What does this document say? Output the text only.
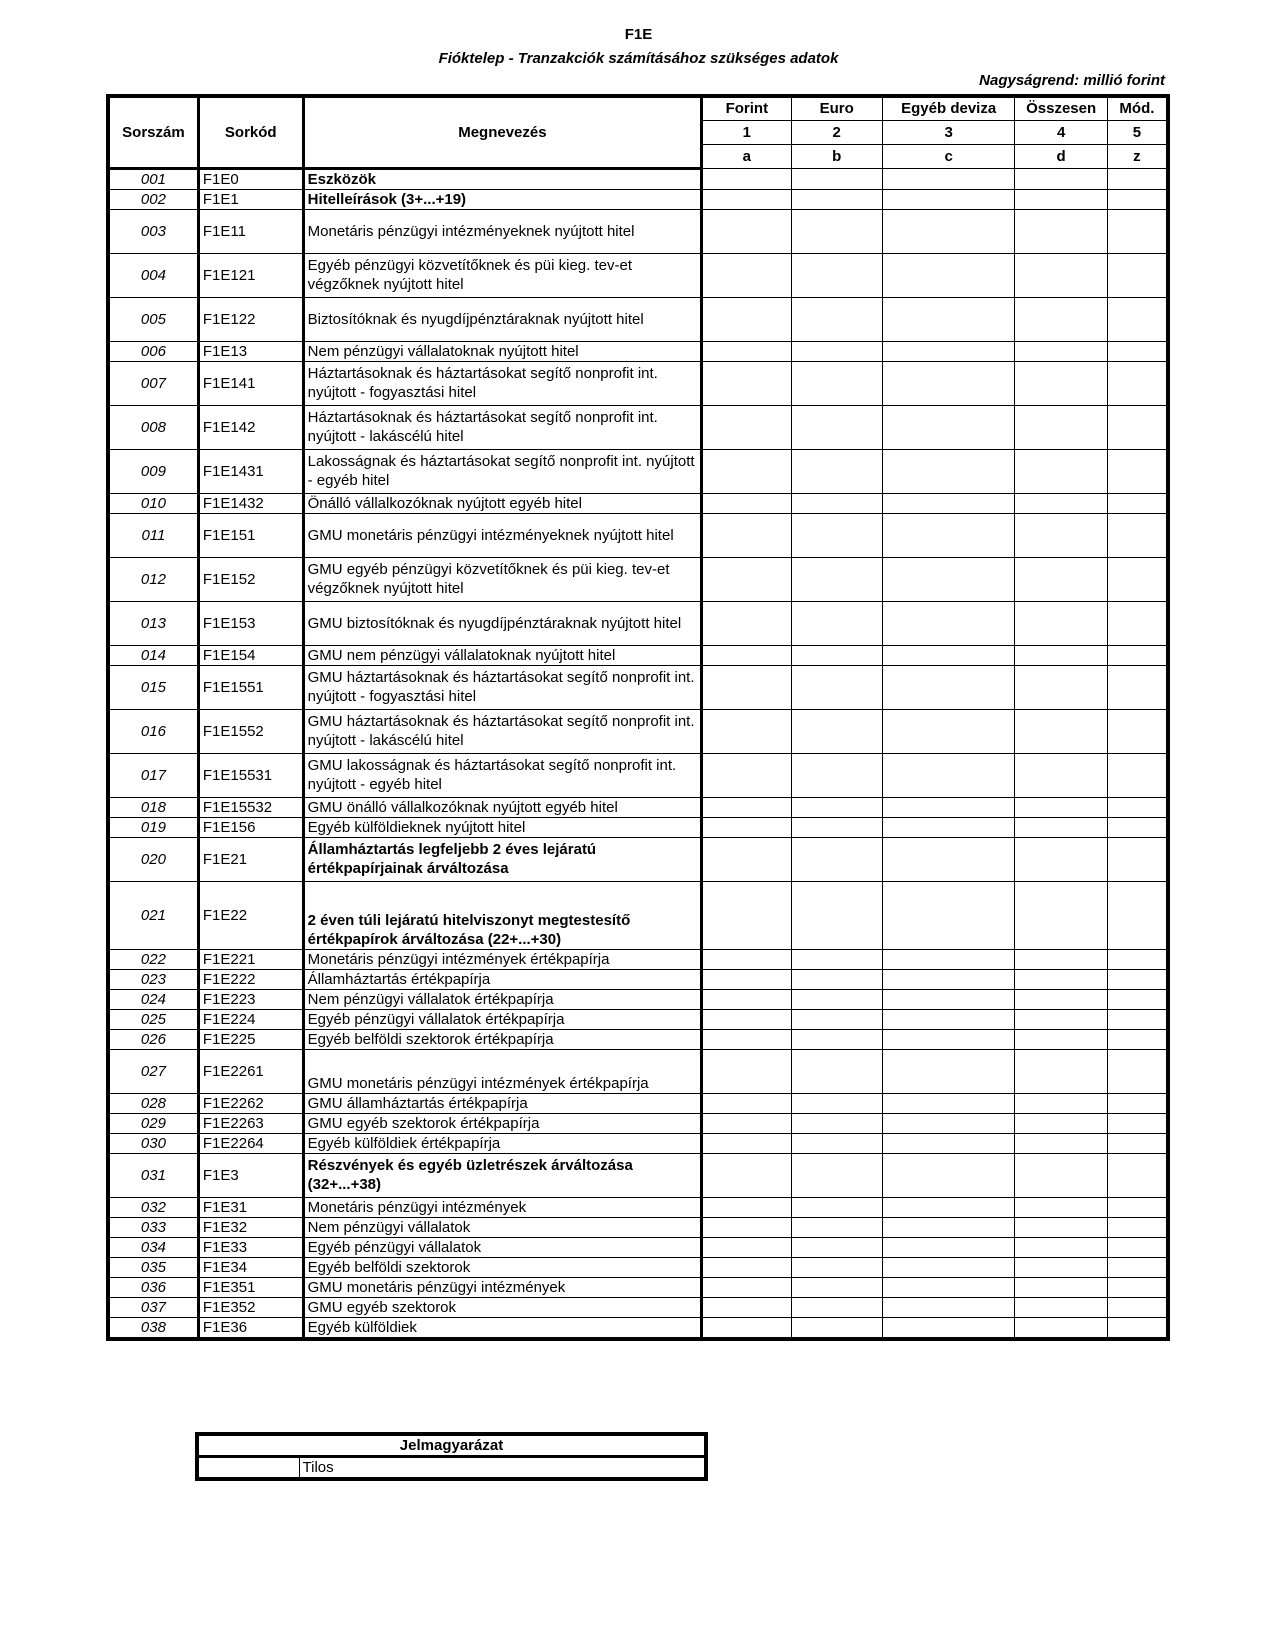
F1E
Fióktelep - Tranzakciók számításához szükséges adatok
Nagyságrend: millió forint
Sorszám	Sorkód	Megnevezés	Forint	Euro	Egyéb deviza	Összesen	Mód.
			1	2	3	4	5
			a	b	c	d	z
001	F1E0	Eszközök					
002	F1E1	Hitelleírások (3+...+19)					
003	F1E11	Monetáris pénzügyi intézményeknek nyújtott hitel					
004	F1E121	Egyéb pénzügyi közvetítőknek és püi kieg. tev-et végzőknek nyújtott hitel					
005	F1E122	Biztosítóknak és nyugdíjpénztáraknak nyújtott hitel					
006	F1E13	Nem pénzügyi vállalatoknak nyújtott hitel					
007	F1E141	Háztartásoknak és háztartásokat segítő nonprofit int. nyújtott - fogyasztási hitel					
008	F1E142	Háztartásoknak és háztartásokat segítő nonprofit int. nyújtott - lakáscélú hitel					
009	F1E1431	Lakosságnak és háztartásokat segítő nonprofit int. nyújtott - egyéb hitel					
010	F1E1432	Önálló vállalkozóknak nyújtott egyéb hitel					
011	F1E151	GMU monetáris pénzügyi intézményeknek nyújtott hitel					
012	F1E152	GMU egyéb pénzügyi közvetítőknek és püi kieg. tev-et végzőknek nyújtott hitel					
013	F1E153	GMU biztosítóknak és nyugdíjpénztáraknak nyújtott hitel					
014	F1E154	GMU nem pénzügyi vállalatoknak nyújtott hitel					
015	F1E1551	GMU háztartásoknak és háztartásokat segítő nonprofit int. nyújtott - fogyasztási hitel					
016	F1E1552	GMU háztartásoknak és háztartásokat segítő nonprofit int. nyújtott - lakáscélú hitel					
017	F1E15531	GMU lakosságnak és háztartásokat segítő nonprofit int. nyújtott - egyéb hitel					
018	F1E15532	GMU önálló vállalkozóknak nyújtott egyéb hitel					
019	F1E156	Egyéb külföldieknek nyújtott hitel					
020	F1E21	Államháztartás legfeljebb 2 éves lejáratú értékpapírjainak árváltozása					
021	F1E22	2 éven túli lejáratú hitelviszonyt megtestesítő értékpapírok árváltozása (22+...+30)					
022	F1E221	Monetáris pénzügyi intézmények értékpapírja					
023	F1E222	Államháztartás értékpapírja					
024	F1E223	Nem pénzügyi vállalatok értékpapírja					
025	F1E224	Egyéb pénzügyi vállalatok értékpapírja					
026	F1E225	Egyéb belföldi szektorok értékpapírja					
027	F1E2261	GMU monetáris pénzügyi intézmények értékpapírja					
028	F1E2262	GMU államháztartás értékpapírja					
029	F1E2263	GMU egyéb szektorok értékpapírja					
030	F1E2264	Egyéb külföldiek értékpapírja					
031	F1E3	Részvények és egyéb üzletrészek árváltozása (32+...+38)					
032	F1E31	Monetáris pénzügyi intézmények					
033	F1E32	Nem pénzügyi vállalatok					
034	F1E33	Egyéb pénzügyi vállalatok					
035	F1E34	Egyéb belföldi szektorok					
036	F1E351	GMU monetáris pénzügyi intézmények					
037	F1E352	GMU egyéb szektorok					
038	F1E36	Egyéb külföldiek					
Jelmagyarázat
	Tilos
